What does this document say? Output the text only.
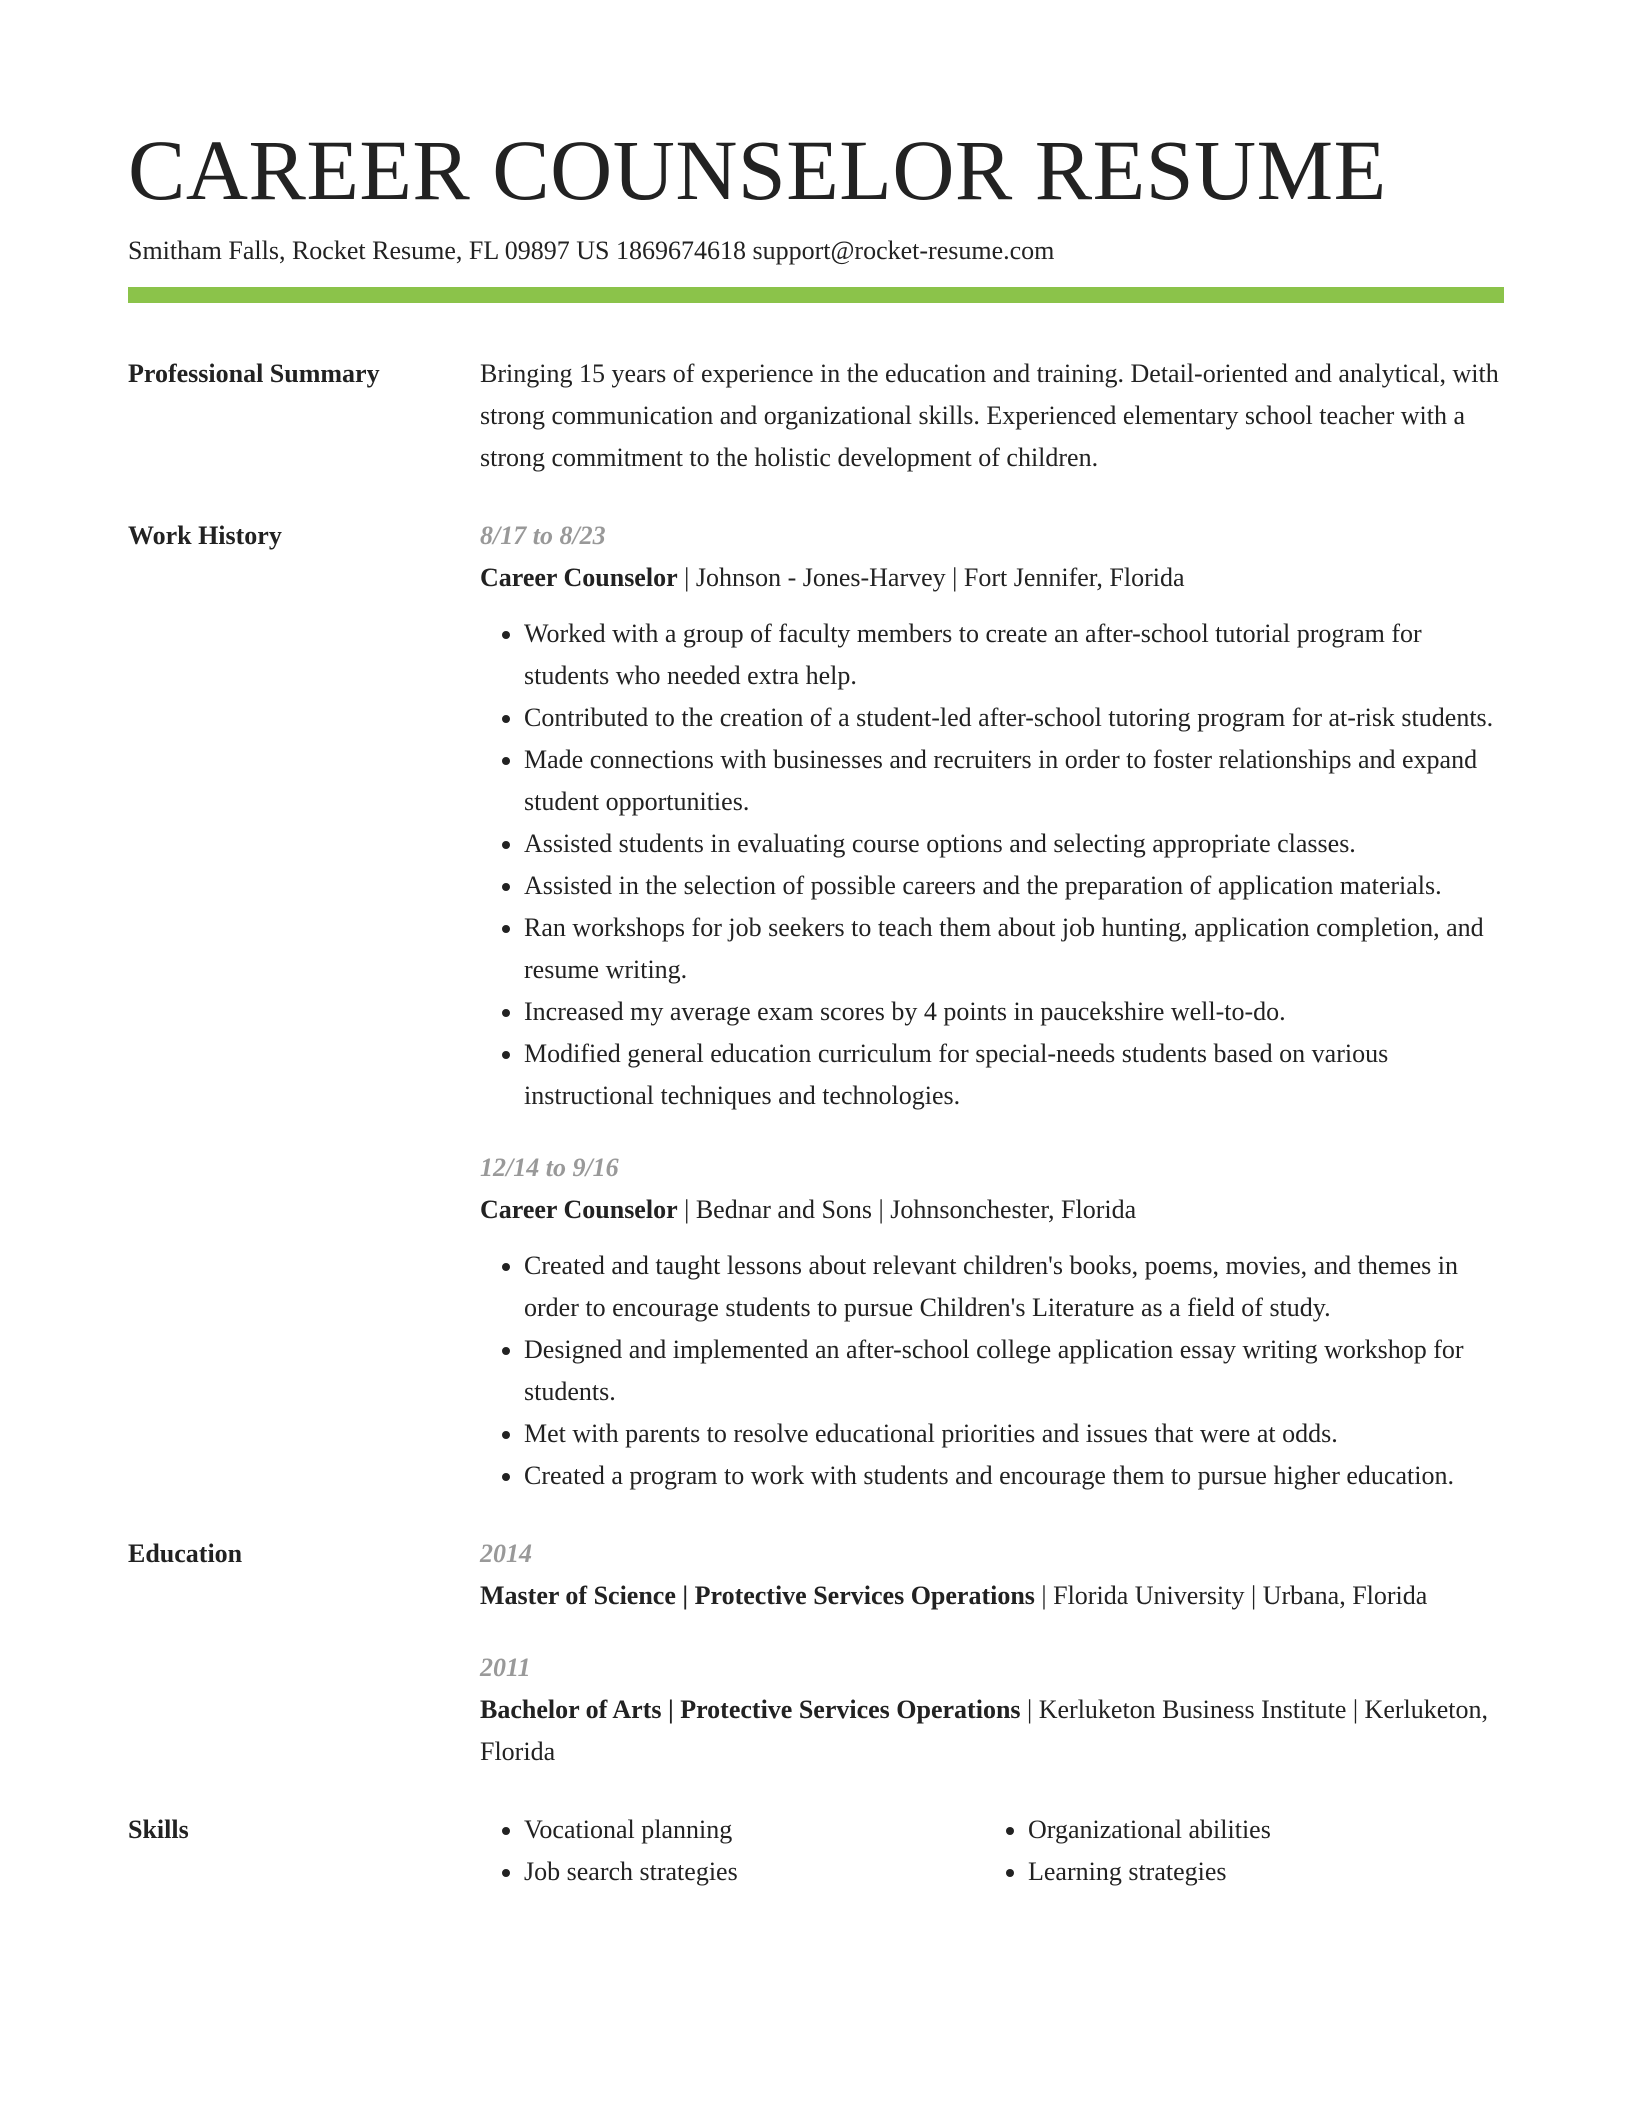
CAREER COUNSELOR RESUME
Smitham Falls, Rocket Resume, FL 09897 US 1869674618 support@rocket-resume.com
Professional Summary	Bringing 15 years of experience in the education and training. Detail-oriented and analytical, with strong communication and organizational skills. Experienced elementary school teacher with a strong commitment to the holistic development of children.

Work History	8/17 to 8/23
Career Counselor | Johnson - Jones-Harvey | Fort Jennifer, Florida
• Worked with a group of faculty members to create an after-school tutorial program for students who needed extra help.
• Contributed to the creation of a student-led after-school tutoring program for at-risk students.
• Made connections with businesses and recruiters in order to foster relationships and expand student opportunities.
• Assisted students in evaluating course options and selecting appropriate classes.
• Assisted in the selection of possible careers and the preparation of application materials.
• Ran workshops for job seekers to teach them about job hunting, application completion, and resume writing.
• Increased my average exam scores by 4 points in paucekshire well-to-do.
• Modified general education curriculum for special-needs students based on various instructional techniques and technologies.
12/14 to 9/16
Career Counselor | Bednar and Sons | Johnsonchester, Florida
• Created and taught lessons about relevant children's books, poems, movies, and themes in order to encourage students to pursue Children's Literature as a field of study.
• Designed and implemented an after-school college application essay writing workshop for students.
• Met with parents to resolve educational priorities and issues that were at odds.
• Created a program to work with students and encourage them to pursue higher education.
Education	2014
Master of Science | Protective Services Operations | Florida University | Urbana, Florida
2011
Bachelor of Arts | Protective Services Operations | Kerluketon Business Institute | Kerluketon, Florida
Skills
•	Vocational planning
• Job search strategies
• Organizational abilities
• Learning strategies
